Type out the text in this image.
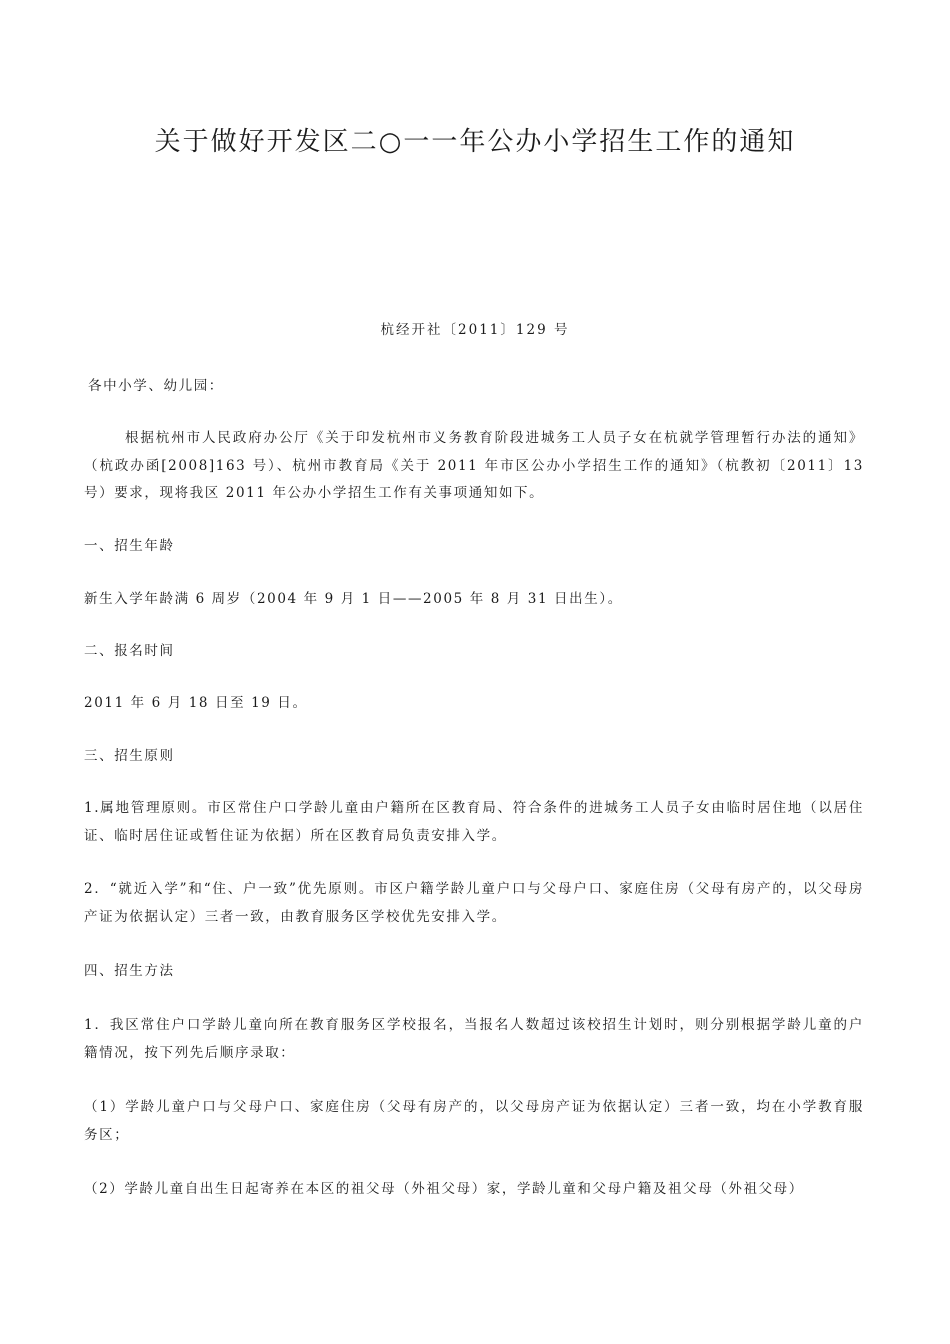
关于做好开发区二○一一年公办小学招生工作的通知
杭经开社〔2011〕129 号

各中小学、幼儿园：

根据杭州市人民政府办公厅《关于印发杭州市义务教育阶段进城务工人员子女在杭就学管理暂行办法的通知》（杭政办函[2008]163 号）、杭州市教育局《关于 2011 年市区公办小学招生工作的通知》（杭教初〔2011〕13 号）要求，现将我区 2011 年公办小学招生工作有关事项通知如下。

一、招生年龄

新生入学年龄满 6 周岁（2004 年 9 月 1 日——2005 年 8 月 31 日出生）。

二、报名时间

2011 年 6 月 18 日至 19 日。

三、招生原则

1.属地管理原则。市区常住户口学龄儿童由户籍所在区教育局、符合条件的进城务工人员子女由临时居住地（以居住证、临时居住证或暂住证为依据）所在区教育局负责安排入学。

2．“就近入学”和“住、户一致”优先原则。市区户籍学龄儿童户口与父母户口、家庭住房（父母有房产的，以父母房产证为依据认定）三者一致，由教育服务区学校优先安排入学。

四、招生方法

1．我区常住户口学龄儿童向所在教育服务区学校报名，当报名人数超过该校招生计划时，则分别根据学龄儿童的户籍情况，按下列先后顺序录取：

（1）学龄儿童户口与父母户口、家庭住房（父母有房产的，以父母房产证为依据认定）三者一致，均在小学教育服务区；

（2）学龄儿童自出生日起寄养在本区的祖父母（外祖父母）家，学龄儿童和父母户籍及祖父母（外祖父母）
